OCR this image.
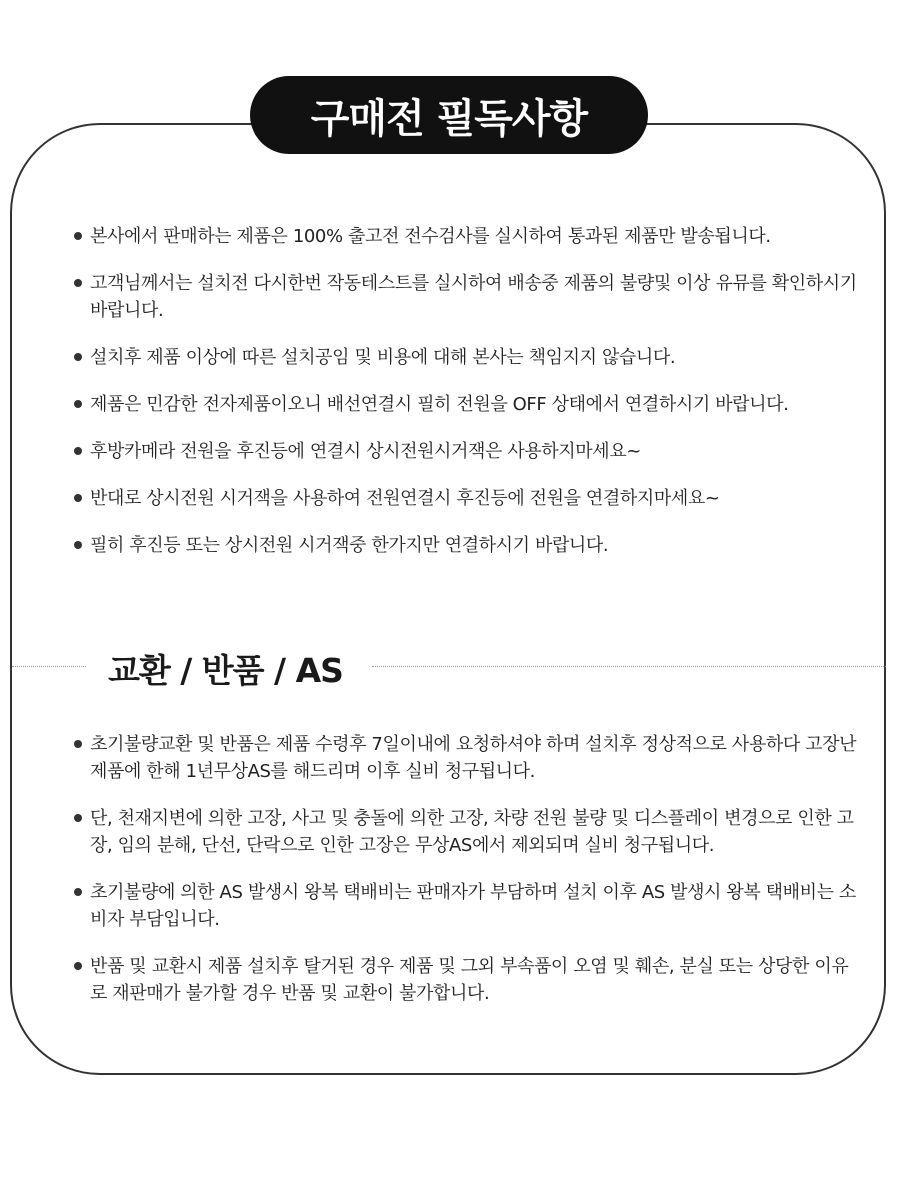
구매전 필독사항
본사에서 판매하는 제품은 100% 출고전 전수검사를 실시하여 통과된 제품만 발송됩니다.
고객님께서는 설치전 다시한번 작동테스트를 실시하여 배송중 제품의 불량및 이상 유뮤를 확인하시기바랍니다.
설치후 제품 이상에 따른 설치공임 및 비용에 대해 본사는 책임지지 않습니다.
제품은 민감한 전자제품이오니 배선연결시 필히 전원을 OFF 상태에서 연결하시기 바랍니다.
후방카메라 전원을 후진등에 연결시 상시전원시거잭은 사용하지마세요~
반대로 상시전원 시거잭을 사용하여 전원연결시 후진등에 전원을 연결하지마세요~
필히 후진등 또는 상시전원 시거잭중 한가지만 연결하시기 바랍니다.
교환 / 반품 / AS
초기불량교환 및 반품은 제품 수령후 7일이내에 요청하셔야 하며 설치후 정상적으로 사용하다 고장난제품에 한해 1년무상AS를 해드리며 이후 실비 청구됩니다.
단, 천재지변에 의한 고장, 사고 및 충돌에 의한 고장, 차량 전원 불량 및 디스플레이 변경으로 인한 고장, 임의 분해, 단선, 단락으로 인한 고장은 무상AS에서 제외되며 실비 청구됩니다.
초기불량에 의한 AS 발생시 왕복 택배비는 판매자가 부담하며 설치 이후 AS 발생시 왕복 택배비는 소비자 부담입니다.
반품 및 교환시 제품 설치후 탈거된 경우 제품 및 그외 부속품이 오염 및 훼손, 분실 또는 상당한 이유로 재판매가 불가할 경우 반품 및 교환이 불가합니다.
